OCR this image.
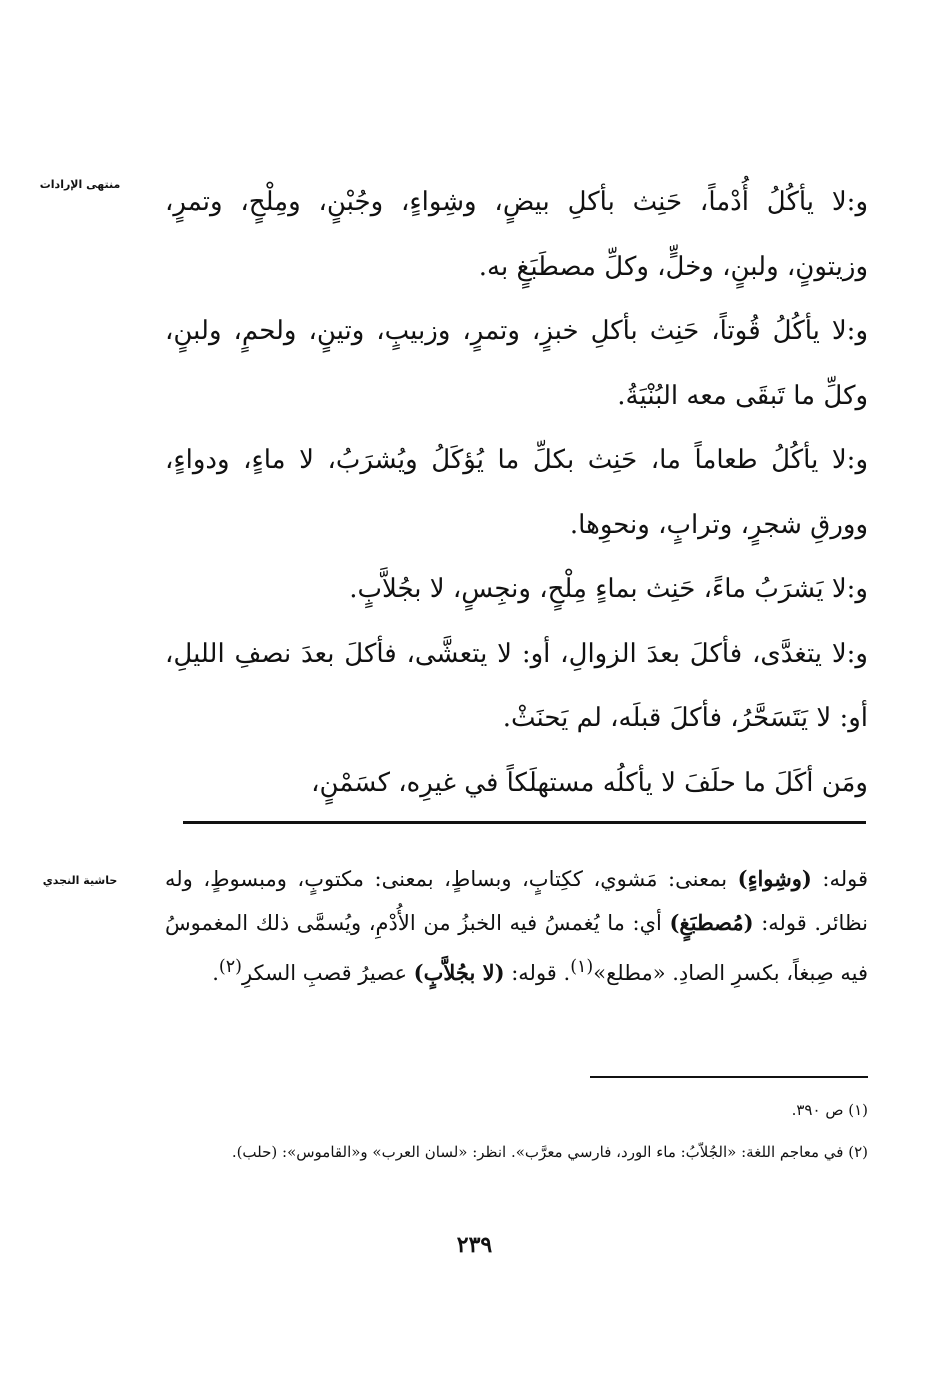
منتهى الإرادات
حاشية النجدي

و:لا يأكُلُ أُدْماً، حَنِث بأكلِ بيضٍ، وشِواءٍ، وجُبْنٍ، ومِلْحٍ، وتمرٍ، وزيتونٍ، ولبنٍ، وخلٍّ، وكلِّ مصطَبَغٍ به.

و:لا يأكُلُ قُوتاً، حَنِث بأكلِ خبزٍ، وتمرٍ، وزبيبٍ، وتينٍ، ولحمٍ، ولبنٍ، وكلِّ ما تَبقَى معه البُنْيَةُ.

و:لا يأكُلُ طعاماً ما، حَنِث بكلِّ ما يُؤكَلُ ويُشرَبُ، لا ماءٍ، ودواءٍ، وورقِ شجرٍ، وترابٍ، ونحوِها.

و:لا يَشرَبُ ماءً، حَنِث بماءٍ مِلْحٍ، ونجِسٍ، لا بجُلاَّبٍ.

و:لا يتغدَّى، فأكلَ بعدَ الزوالِ، أو: لا يتعشَّى، فأكلَ بعدَ نصفِ الليلِ، أو: لا يَتَسَحَّرُ، فأكلَ قبلَه، لم يَحنَثْ.

ومَن أكَلَ ما حلَفَ لا يأكلُه مستهلَكاً في غيرِه، كسَمْنٍ،

قوله: (وشِواءٍ) بمعنى: مَشوي، ككِتابٍ، وبساطٍ، بمعنى: مكتوبٍ، ومبسوطٍ، وله نظائر. قوله: (مُصطبَغٍ) أي: ما يُغمسُ فيه الخبزُ من الأُدْمِ، ويُسمَّى ذلك المغموسُ فيه صِبغاً، بكسرِ الصادِ. «مطلع»$^{(١)}$. قوله: (لا بجُلاَّبٍ) عصيرُ قصبِ السكرِ$^{(٢)}$.

(١) ص ٣٩٠.

(٢) في معاجم اللغة: «الجُلاّبُ: ماء الورد، فارسي معرَّب». انظر: «لسان العرب» و«القاموس»: (حلب).

٢٣٩
